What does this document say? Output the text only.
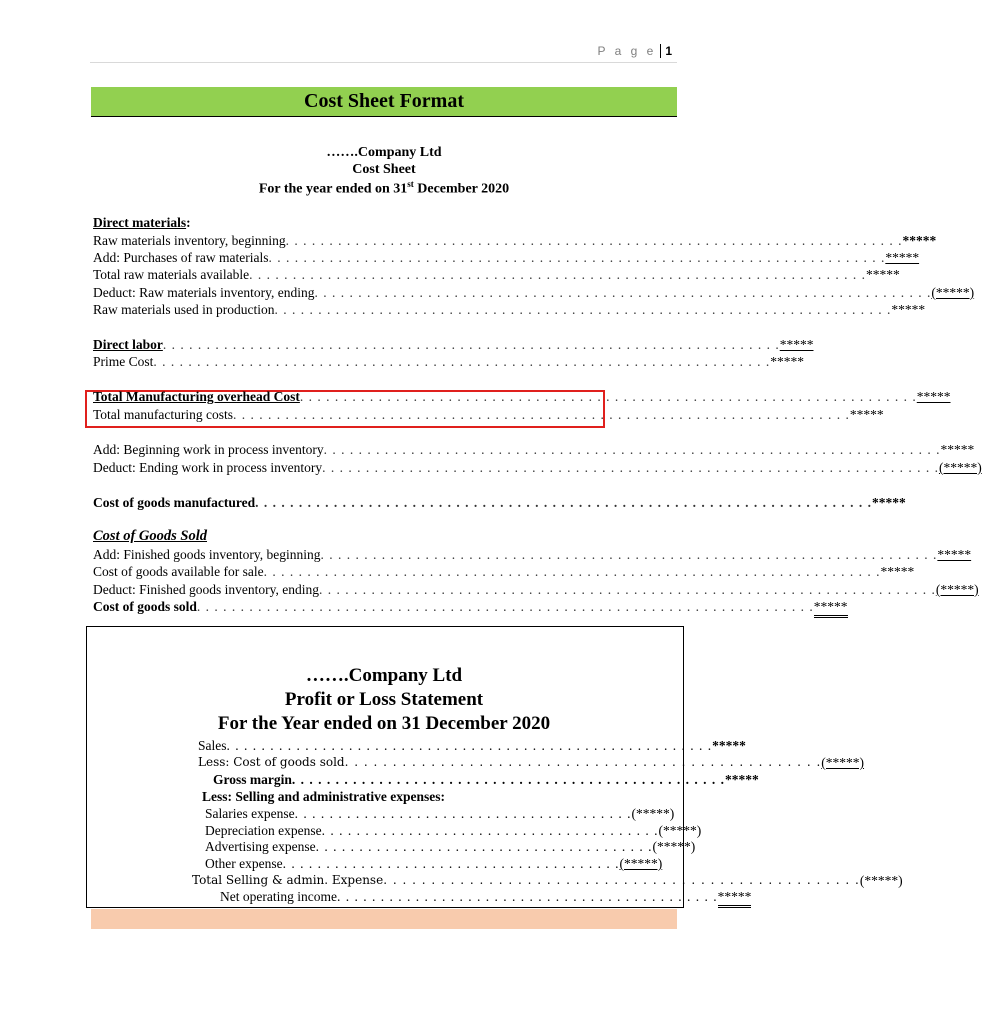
P a g e 1
Cost Sheet Format
…….Company Ltd
Cost Sheet
For the year ended on 31st December 2020
Direct materials :
Raw materials inventory, beginning . . .	*****
Add: Purchases of raw materials . . .	*****
Total raw materials available . . .	*****
Deduct: Raw materials inventory, ending . . .	(*****)
Raw materials used in production . . .	*****
Direct labor . . .	*****
Prime Cost . . .	*****
Total Manufacturing overhead Cost . . .	*****
Total manufacturing costs . . .	*****
Add: Beginning work in process inventory . . .	*****
Deduct: Ending work in process inventory . . .	(*****)
Cost of goods manufactured . . .	*****
Cost of Goods Sold
Add: Finished goods inventory, beginning . . .	*****
Cost of goods available for sale . . .	*****
Deduct: Finished goods inventory, ending . . .	(*****)
Cost of goods sold . . .	*****
…….Company Ltd
Profit or Loss Statement
For the Year ended on 31 December 2020
Sales . . . . . . . . . . . . . . . . . . . . . . . . . . . . . . . . . . . . . . . . . . . . . . . . . . . . . . . . *****
Less: Cost of goods sold . . . . . . . . . . . . . . . . . . . . . . . . . . . . . . . . . . . . . . . . . . . . . . . . . . (*****)
Gross margin . . . . . . . . . . . . . . . . . . . . . . . . . . . . . . . . . . . . . . . . . . . . . . . . . . *****
Less: Selling and administrative expenses:
Salaries expense . . . . . . . . . . . . . . . . . . . . . . . . . . . . . . . . . . . . . . . (*****)
Depreciation expense . . . . . . . . . . . . . . . . . . . . . . . . . . . . . . . . . . . . . . . (*****)
Advertising expense . . . . . . . . . . . . . . . . . . . . . . . . . . . . . . . . . . . . . . . (*****)
Other expense . . . . . . . . . . . . . . . . . . . . . . . . . . . . . . . . . . . . . . . (*****)
Total Selling & admin. Expense . . . . . . . . . . . . . . . . . . . . . . . . . . . . . . . . . . . . . . . . . . . . . . . . . . (*****)
Net operating income . . . . . . . . . . . . . . . . . . . . . . . . . . . . . . . . . . . . . . . . . . . . *****
